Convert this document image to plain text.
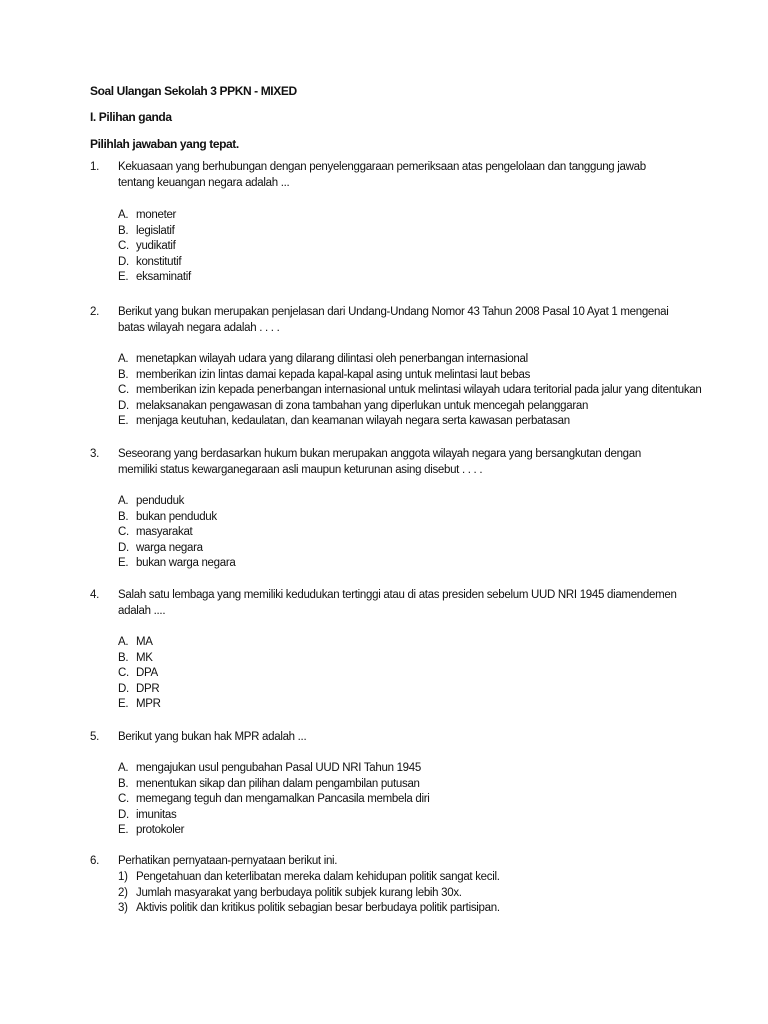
Soal Ulangan Sekolah 3 PPKN - MIXED
I. Pilihan ganda
Pilihlah jawaban yang tepat.
1. Kekuasaan yang berhubungan dengan penyelenggaraan pemeriksaan atas pengelolaan dan tanggung jawab tentang keuangan negara adalah ...
A. moneter
B. legislatif
C. yudikatif
D. konstitutif
E. eksaminatif
2. Berikut yang bukan merupakan penjelasan dari Undang-Undang Nomor 43 Tahun 2008 Pasal 10 Ayat 1 mengenai batas wilayah negara adalah . . . .
A. menetapkan wilayah udara yang dilarang dilintasi oleh penerbangan internasional
B. memberikan izin lintas damai kepada kapal-kapal asing untuk melintasi laut bebas
C. memberikan izin kepada penerbangan internasional untuk melintasi wilayah udara teritorial pada jalur yang ditentukan
D. melaksanakan pengawasan di zona tambahan yang diperlukan untuk mencegah pelanggaran
E. menjaga keutuhan, kedaulatan, dan keamanan wilayah negara serta kawasan perbatasan
3. Seseorang yang berdasarkan hukum bukan merupakan anggota wilayah negara yang bersangkutan dengan memiliki status kewarganegaraan asli maupun keturunan asing disebut . . . .
A. penduduk
B. bukan penduduk
C. masyarakat
D. warga negara
E. bukan warga negara
4. Salah satu lembaga yang memiliki kedudukan tertinggi atau di atas presiden sebelum UUD NRI 1945 diamendemen adalah ....
A. MA
B. MK
C. DPA
D. DPR
E. MPR
5. Berikut yang bukan hak MPR adalah ...
A. mengajukan usul pengubahan Pasal UUD NRI Tahun 1945
B. menentukan sikap dan pilihan dalam pengambilan putusan
C. memegang teguh dan mengamalkan Pancasila membela diri
D. imunitas
E. protokoler
6. Perhatikan pernyataan-pernyataan berikut ini.
1) Pengetahuan dan keterlibatan mereka dalam kehidupan politik sangat kecil.
2) Jumlah masyarakat yang berbudaya politik subjek kurang lebih 30x.
3) Aktivis politik dan kritikus politik sebagian besar berbudaya politik partisipan.
